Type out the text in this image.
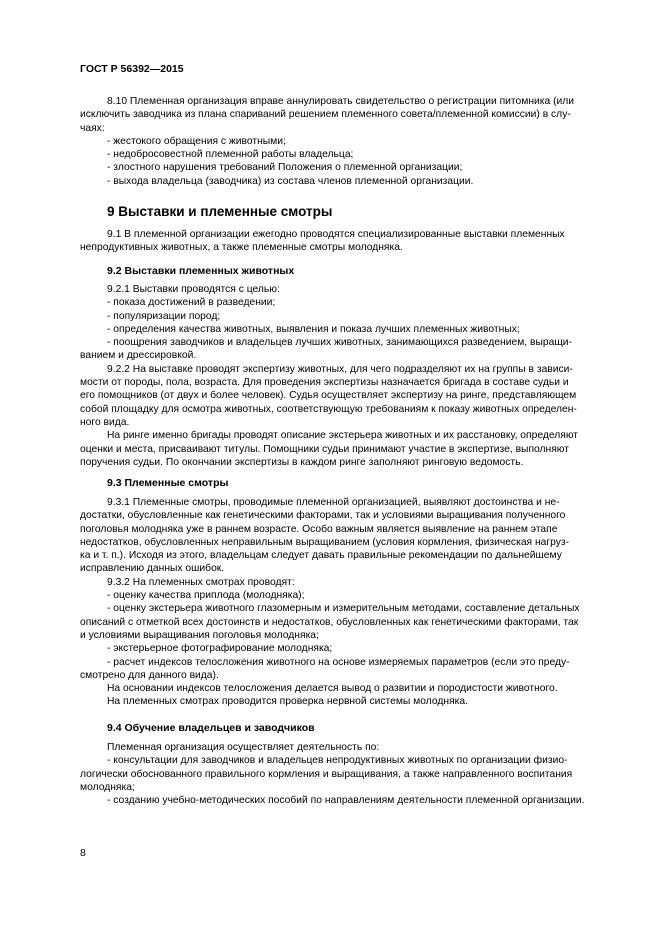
ГОСТ Р 56392—2015

8.10 Племенная организация вправе аннулировать свидетельство о регистрации питомника (или

исключить заводчика из плана спариваний решением племенного совета/племенной комиссии) в слу-

чаях:

- жестокого обращения с животными;

- недобросовестной племенной работы владельца;

- злостного нарушения требований Положения о племенной организации;

- выхода владельца (заводчика) из состава членов племенной организации.

9 Выставки и племенные смотры

9.1 В племенной организации ежегодно проводятся специализированные выставки племенных

непродуктивных животных, а также племенные смотры молодняка.

9.2 Выставки племенных животных

9.2.1 Выставки проводятся с целью:

- показа достижений в разведении;

- популяризации пород;

- определения качества животных, выявления и показа лучших племенных животных;

- поощрения заводчиков и владельцев лучших животных, занимающихся разведением, выращи-

ванием и дрессировкой.

9.2.2 На выставке проводят экспертизу животных, для чего подразделяют их на группы в зависи-

мости от породы, пола, возраста. Для проведения экспертизы назначается бригада в составе судьи и

его помощников (от двух и более человек). Судья осуществляет экспертизу на ринге, представляющем

собой площадку для осмотра животных, соответствующую требованиям к показу животных определен-

ного вида.

На ринге именно бригады проводят описание экстерьера животных и их расстановку, определяют

оценки и места, присваивают титулы. Помощники судьи принимают участие в экспертизе, выполняют

поручения судьи. По окончании экспертизы в каждом ринге заполняют ринговую ведомость.

9.3 Племенные смотры

9.3.1 Племенные смотры, проводимые племенной организацией, выявляют достоинства и не-

достатки, обусловленные как генетическими факторами, так и условиями выращивания полученного

поголовья молодняка уже в раннем возрасте. Особо важным является выявление на раннем этапе

недостатков, обусловленных неправильным выращиванием (условия кормления, физическая нагруз-

ка и т. п.). Исходя из этого, владельцам следует давать правильные рекомендации по дальнейшему

исправлению данных ошибок.

9.3.2 На племенных смотрах проводят:

- оценку качества приплода (молодняка);

- оценку экстерьера животного глазомерным и измерительным методами, составление детальных

описаний с отметкой всех достоинств и недостатков, обусловленных как генетическими факторами, так

и условиями выращивания поголовья молодняка;

- экстерьерное фотографирование молодняка;

- расчет индексов телосложения животного на основе измеряемых параметров (если это преду-

смотрено для данного вида).

На основании индексов телосложения делается вывод о развитии и породистости животного.

На племенных смотрах проводится проверка нервной системы молодняка.

9.4 Обучение владельцев и заводчиков

Племенная организация осуществляет деятельность по:

- консультации для заводчиков и владельцев непродуктивных животных по организации физио-

логически обоснованного правильного кормления и выращивания, а также направленного воспитания

молодняка;

- созданию учебно-методических пособий по направлениям деятельности племенной организации.

8
